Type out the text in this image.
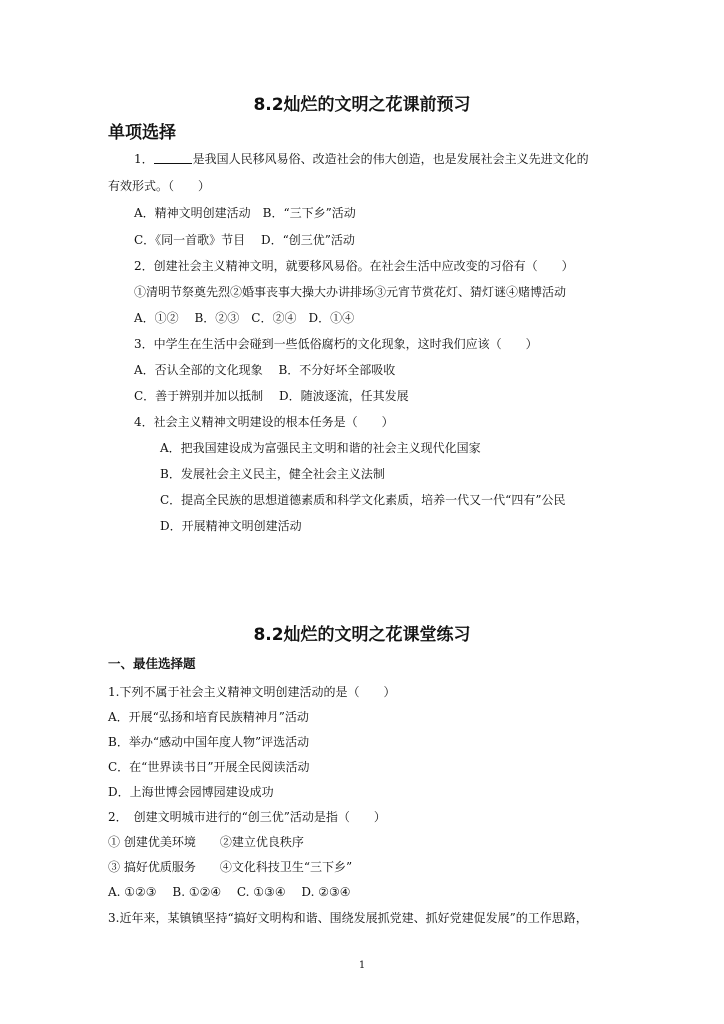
8.2灿烂的文明之花课前预习
单项选择
1．	是我国人民移风易俗、改造社会的伟大创造，也是发展社会主义先进文化的
有效形式。（　　）
A．精神文明创建活动　B．“三下乡”活动
C．《同一首歌》节目　 D．“创三优”活动
2．创建社会主义精神文明，就要移风易俗。在社会生活中应改变的习俗有（　　）
①清明节祭奠先烈②婚事丧事大操大办讲排场③元宵节赏花灯、猜灯谜④赌博活动
A．①②　 B．②③　C．②④　D．①④
3．中学生在生活中会碰到一些低俗腐朽的文化现象，这时我们应该（　　）
A．否认全部的文化现象　 B．不分好坏全部吸收
C．善于辨别并加以抵制　 D．随波逐流，任其发展
4．社会主义精神文明建设的根本任务是（　　）
A．把我国建设成为富强民主文明和谐的社会主义现代化国家
B．发展社会主义民主，健全社会主义法制
C．提高全民族的思想道德素质和科学文化素质，培养一代又一代“四有”公民
D．开展精神文明创建活动
8.2灿烂的文明之花课堂练习
一、最佳选择题
1.下列不属于社会主义精神文明创建活动的是（　　）
A．开展“弘扬和培育民族精神月”活动
B．举办“感动中国年度人物”评选活动
C．在“世界读书日”开展全民阅读活动
D．上海世博会园博园建设成功
2．　创建文明城市进行的“创三优”活动是指（　　）
① 创建优美环境　　②建立优良秩序
③ 搞好优质服务　　④文化科技卫生“三下乡”
A. ①②③　 B. ①②④　 C. ①③④　 D. ②③④
3.近年来，某镇镇坚持“搞好文明构和谐、围绕发展抓党建、抓好党建促发展”的工作思路，
1
